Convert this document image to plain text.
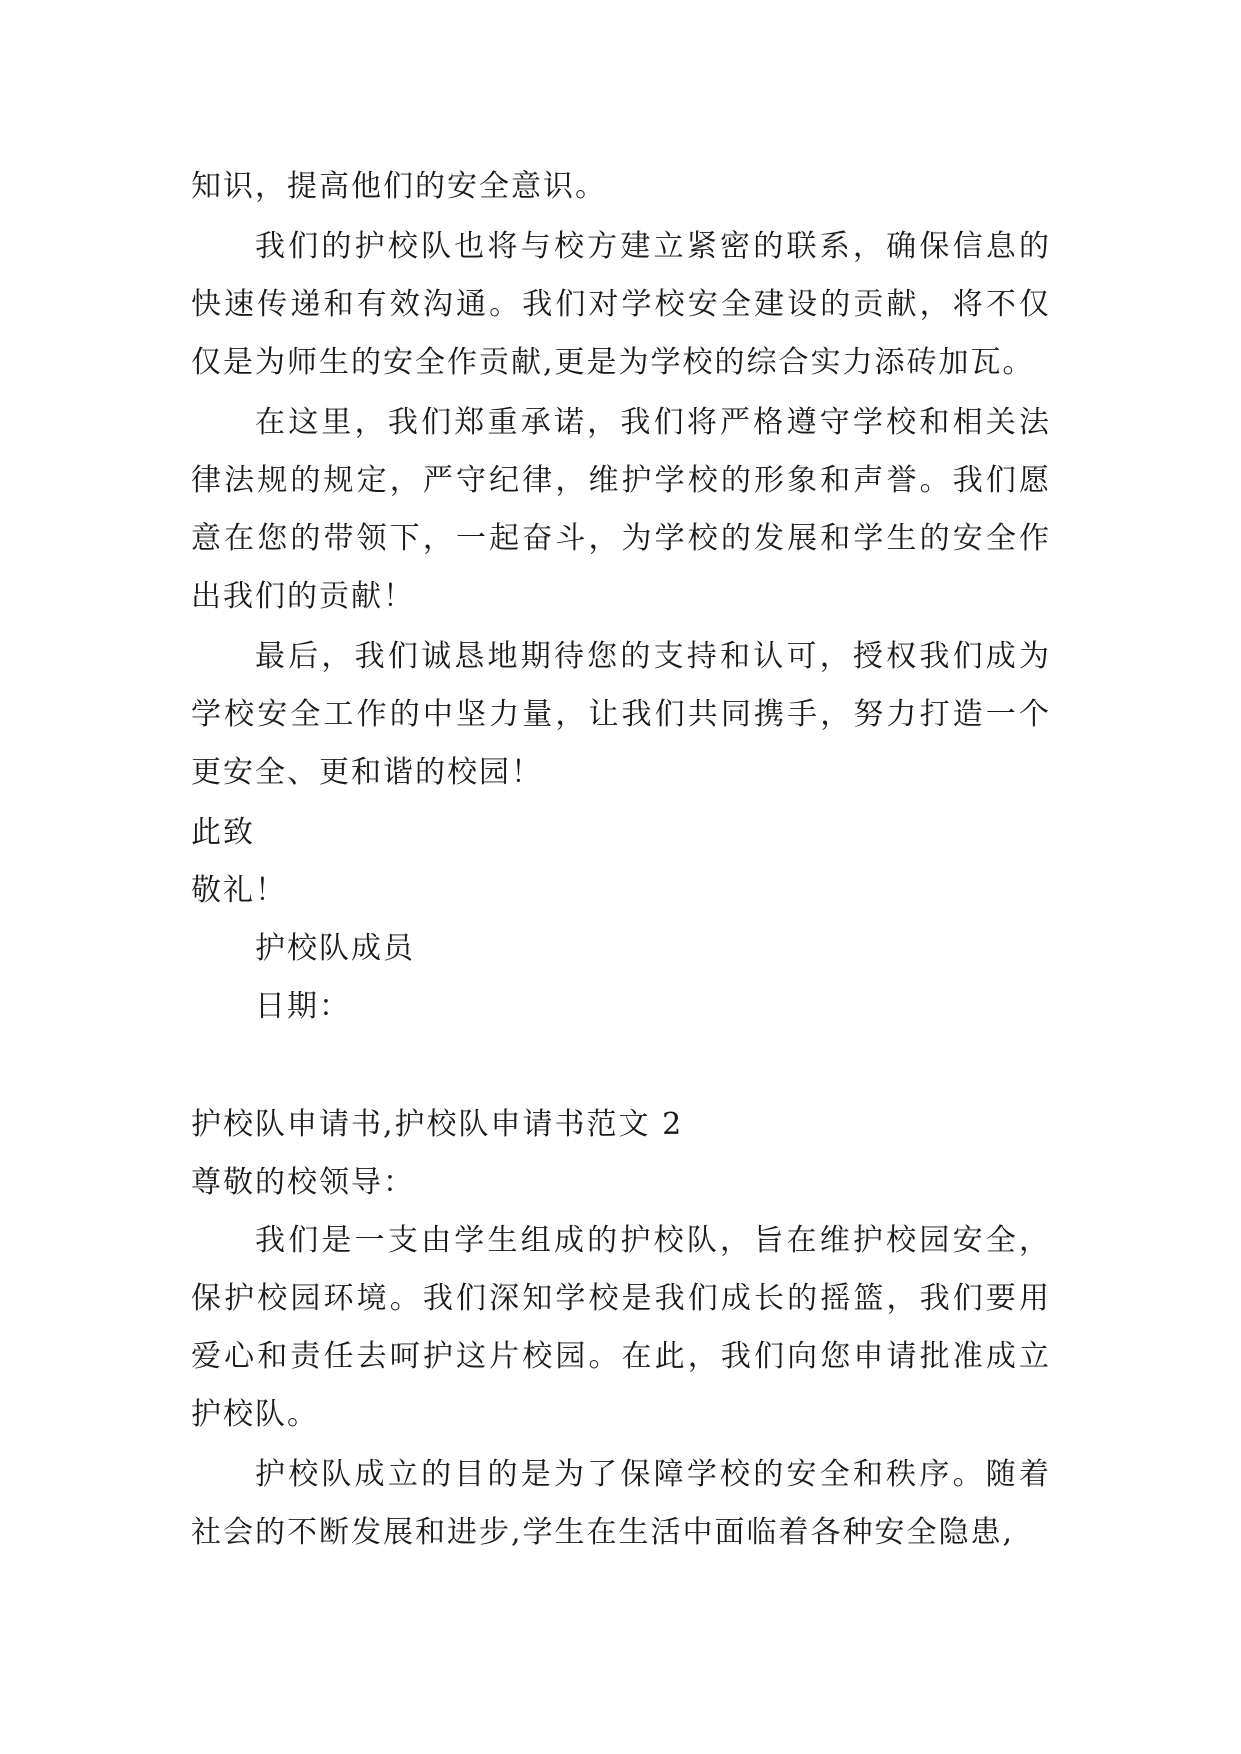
知识，提高他们的安全意识。

我们的护校队也将与校方建立紧密的联系，确保信息的快速传递和有效沟通。我们对学校安全建设的贡献，将不仅仅是为师生的安全作贡献,更是为学校的综合实力添砖加瓦。

在这里，我们郑重承诺，我们将严格遵守学校和相关法律法规的规定，严守纪律，维护学校的形象和声誉。我们愿意在您的带领下，一起奋斗，为学校的发展和学生的安全作出我们的贡献！

最后，我们诚恳地期待您的支持和认可，授权我们成为学校安全工作的中坚力量，让我们共同携手，努力打造一个更安全、更和谐的校园！

此致

敬礼！

护校队成员

日期：

护校队申请书,护校队申请书范文 2

尊敬的校领导：

我们是一支由学生组成的护校队，旨在维护校园安全，保护校园环境。我们深知学校是我们成长的摇篮，我们要用爱心和责任去呵护这片校园。在此，我们向您申请批准成立护校队。

护校队成立的目的是为了保障学校的安全和秩序。随着社会的不断发展和进步,学生在生活中面临着各种安全隐患,
